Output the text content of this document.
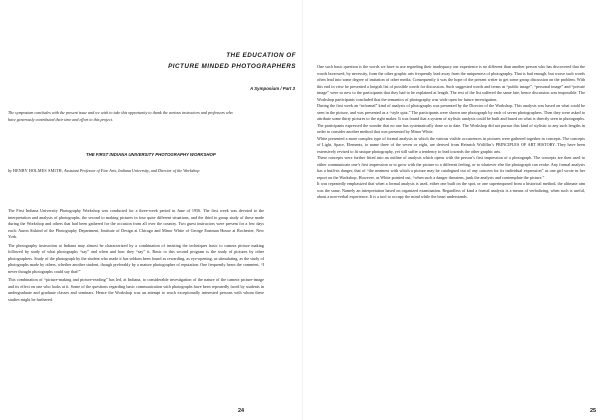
THE EDUCATION OF
PICTURE MINDED PHOTOGRAPHERS
A Symposium / Part 3
The symposium concludes with the present issue and we wish to take this opportunity to thank the various instructors and professors who have generously contributed their time and effort to this project.
THE FIRST INDIANA UNIVERSITY PHOTOGRAPHY WORKSHOP
by HENRY HOLMES SMITH, Assistant Professor of Fine Arts, Indiana University, and Director of the Workshop

The First Indiana University Photography Workshop was conducted for a three-week period in June of 1956. The first week was devoted to the interpretation and analysis of photographs, the second to making pictures in four quite different situations, and the third to group study of those made during the Workshop and others that had been gathered for the occasion from all over the country. Two guest instructors were present for a few days each: Aaron Siskind of the Photography Department, Institute of Design at Chicago and Minor White of George Eastman House at Rochester, New York.

The photography instruction at Indiana may almost be characterized by a combination of insisting the techniques basic to camera picture making followed by study of what photographs “say” and when and how they “say” it. Basic to this second program is the study of pictures by other photographers. Study of the photograph by the student who made it has seldom been found as rewarding, as eye-opening, as stimulating, as the study of photographs made by others, whether another student, though preferably by a mature photographer of reputation. One frequently hears the comment, “I never thought photographs could say that!”

This combination of “picture-making and picture-reading” has led, at Indiana, to considerable investigation of the nature of the camera picture-image and its effect on one who looks at it. Some of the questions regarding basic communication with photographs have been repeatedly faced by students in undergraduate and graduate classes and seminars. Hence the Workshop was an attempt to reach exceptionally interested persons with whom these studies might be furthered.

24

One such basic question is the words we have to use regarding their inadequacy our experience is no different than another person who has discovered that the words borrowed, by necessity, from the other graphic arts frequently lead away from the uniqueness of photography. That is bad enough, but worse such words often lead into some degree of imitation of other media. Consequently it was the hope of the present writer to get some group discussion on the problem. With this end in view he presented a longish list of possible words for discussion. Such suggested words and terms as “public image”, “personal image” and “private image” were so new to the participants that they had to be explained at length. The rest of the list suffered the same fate, hence discussion was impossible. The Workshop participants concluded that the semantics of photography was wide open for future investigation.

During the first week an “informal” kind of analysis of photographs was presented by the Director of the Workshop. This analysis was based on what could be seen in the picture, and was presented as a “style quiz.” The participants were shown one photograph by each of seven photographers. Then they were asked to attribute some thirty pictures to the right maker. It was found that a system of stylistic analysis could be built and based on what is directly seen in photographs. The participants expressed the wonder that no one has systematically done so to date. The Workshop did not pursue this kind of stylistic to any such lengths in order to consider another method that was presented by Minor White.

White presented a more complex type of formal analysis in which the various visible occurrences in pictures were gathered together in concepts. The concepts of Light, Space, Elements, to name three of the seven or eight, are derived from Heinrich Wölfflin’s PRINCIPLES OF ART HISTORY. They have been extensively revised to fit unique photography, yet still suffer a tendency to lead towards the other graphic arts.

These concepts were further fitted into an outline of analysis which opens with the person’s first impression of a photograph. The concepts are then used to either communicate one’s first impression or to grow with the picture to a different feeling, or to whatever else the photograph can evoke. Any formal analysis has a built-in danger, that of “the neatness with which a picture may be catalogued out of any concern for its individual expression” as one girl wrote in her report on the Workshop. However, as White pointed out, “when such a danger threatens, junk the analysis and contemplate the picture.”

It was repeatedly emphasized that when a formal analysis is used, either one built on the spot, or one superimposed from a historical method, the ultimate aim was the same. Namely an interpretation based on organized examination. Regardless of kind a formal analysis is a means of verbalizing, when such is useful, about a non-verbal experience. It is a tool to occupy the mind while the heart understands.

25
